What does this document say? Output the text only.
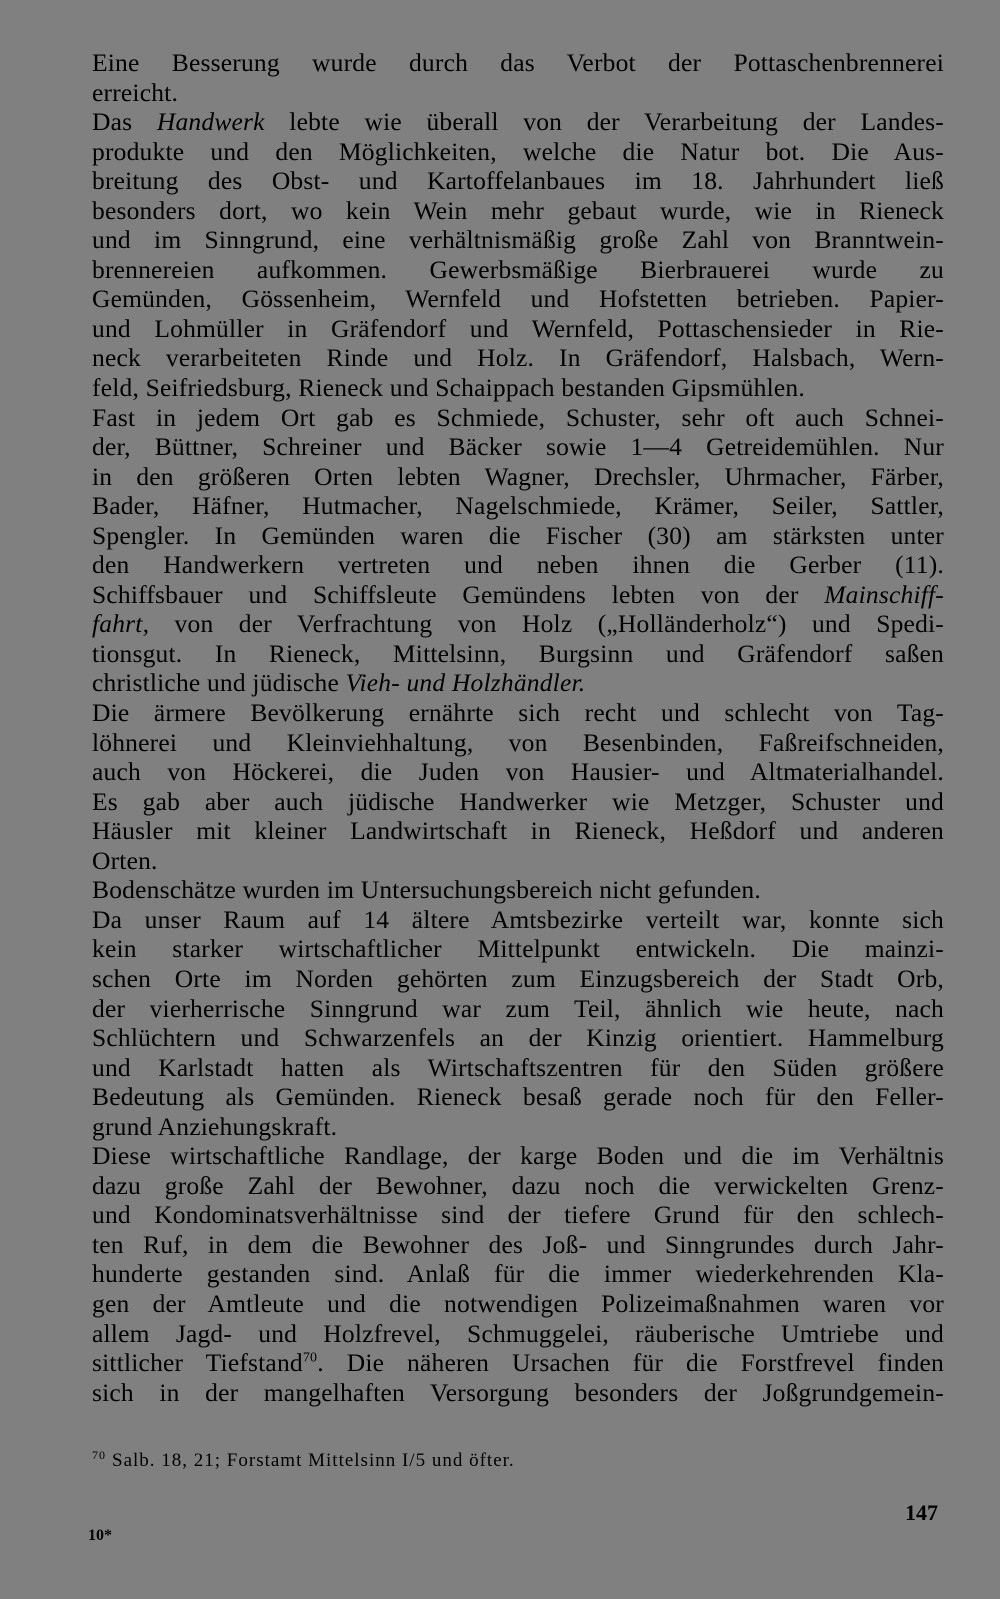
Eine Besserung wurde durch das Verbot der Pottaschenbrennerei
erreicht.
Das Handwerk lebte wie überall von der Verarbeitung der Landes-
produkte und den Möglichkeiten, welche die Natur bot. Die Aus-
breitung des Obst- und Kartoffelanbaues im 18. Jahrhundert ließ
besonders dort, wo kein Wein mehr gebaut wurde, wie in Rieneck
und im Sinngrund, eine verhältnismäßig große Zahl von Branntwein-
brennereien aufkommen. Gewerbsmäßige Bierbrauerei wurde zu
Gemünden, Gössenheim, Wernfeld und Hofstetten betrieben. Papier-
und Lohmüller in Gräfendorf und Wernfeld, Pottaschensieder in Rie-
neck verarbeiteten Rinde und Holz. In Gräfendorf, Halsbach, Wern-
feld, Seifriedsburg, Rieneck und Schaippach bestanden Gipsmühlen.
Fast in jedem Ort gab es Schmiede, Schuster, sehr oft auch Schnei-
der, Büttner, Schreiner und Bäcker sowie 1—4 Getreidemühlen. Nur
in den größeren Orten lebten Wagner, Drechsler, Uhrmacher, Färber,
Bader, Häfner, Hutmacher, Nagelschmiede, Krämer, Seiler, Sattler,
Spengler. In Gemünden waren die Fischer (30) am stärksten unter
den Handwerkern vertreten und neben ihnen die Gerber (11).
Schiffsbauer und Schiffsleute Gemündens lebten von der Mainschiff-
fahrt, von der Verfrachtung von Holz („Holländerholz“) und Spedi-
tionsgut. In Rieneck, Mittelsinn, Burgsinn und Gräfendorf saßen
christliche und jüdische Vieh- und Holzhändler.
Die ärmere Bevölkerung ernährte sich recht und schlecht von Tag-
löhnerei und Kleinviehhaltung, von Besenbinden, Faßreifschneiden,
auch von Höckerei, die Juden von Hausier- und Altmaterialhandel.
Es gab aber auch jüdische Handwerker wie Metzger, Schuster und
Häusler mit kleiner Landwirtschaft in Rieneck, Heßdorf und anderen
Orten.
Bodenschätze wurden im Untersuchungsbereich nicht gefunden.
Da unser Raum auf 14 ältere Amtsbezirke verteilt war, konnte sich
kein starker wirtschaftlicher Mittelpunkt entwickeln. Die mainzi-
schen Orte im Norden gehörten zum Einzugsbereich der Stadt Orb,
der vierherrische Sinngrund war zum Teil, ähnlich wie heute, nach
Schlüchtern und Schwarzenfels an der Kinzig orientiert. Hammelburg
und Karlstadt hatten als Wirtschaftszentren für den Süden größere
Bedeutung als Gemünden. Rieneck besaß gerade noch für den Feller-
grund Anziehungskraft.
Diese wirtschaftliche Randlage, der karge Boden und die im Verhältnis
dazu große Zahl der Bewohner, dazu noch die verwickelten Grenz-
und Kondominatsverhältnisse sind der tiefere Grund für den schlech-
ten Ruf, in dem die Bewohner des Joß- und Sinngrundes durch Jahr-
hunderte gestanden sind. Anlaß für die immer wiederkehrenden Kla-
gen der Amtleute und die notwendigen Polizeimaßnahmen waren vor
allem Jagd- und Holzfrevel, Schmuggelei, räuberische Umtriebe und
sittlicher Tiefstand$^{70}$. Die näheren Ursachen für die Forstfrevel finden
sich in der mangelhaften Versorgung besonders der Joßgrundgemein-
$^{70}$ Salb. 18, 21; Forstamt Mittelsinn I/5 und öfter.
147
10*
